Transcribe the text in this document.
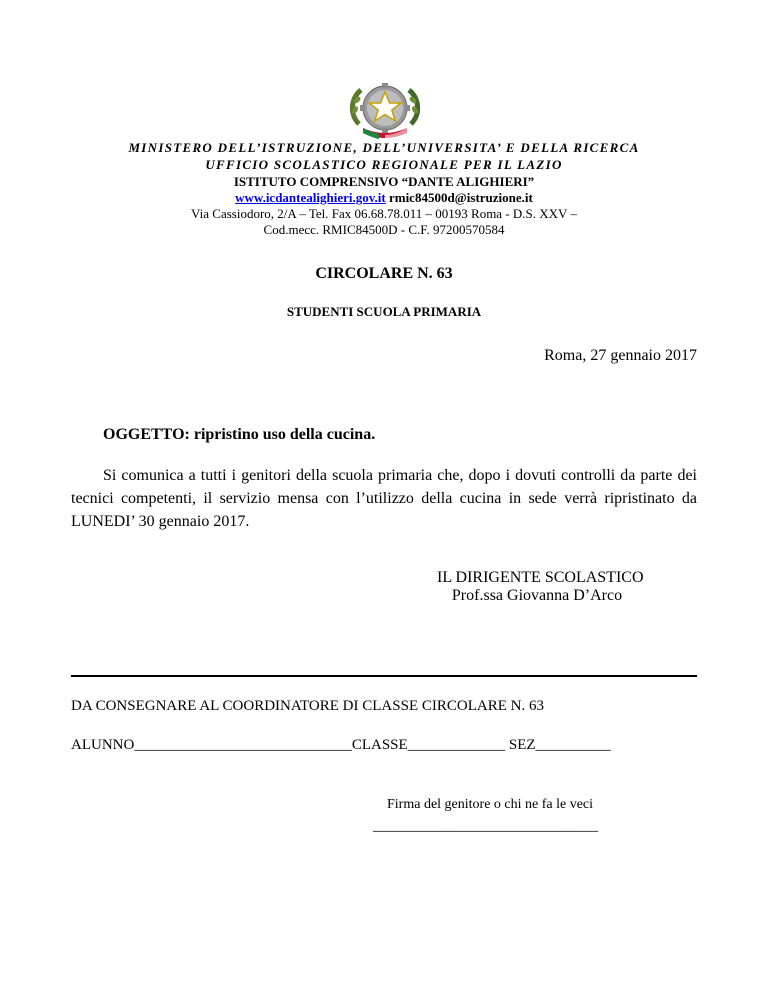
MINISTERO DELL’ISTRUZIONE, DELL’UNIVERSITA’ E DELLA RICERCA
UFFICIO SCOLASTICO REGIONALE PER IL LAZIO
ISTITUTO COMPRENSIVO “DANTE ALIGHIERI”
www.icdantealighieri.gov.it rmic84500d@istruzione.it
Via Cassiodoro, 2/A – Tel. Fax 06.68.78.011 – 00193 Roma - D.S. XXV –
Cod.mecc. RMIC84500D - C.F. 97200570584
CIRCOLARE N. 63
STUDENTI SCUOLA PRIMARIA
Roma, 27 gennaio 2017
OGGETTO: ripristino uso della cucina.
Si comunica a tutti i genitori della scuola primaria che, dopo i dovuti controlli da parte dei tecnici competenti, il servizio mensa con l’utilizzo della cucina in sede verrà ripristinato da LUNEDI’ 30 gennaio 2017.
IL DIRIGENTE SCOLASTICO
Prof.ssa Giovanna D’Arco
DA CONSEGNARE AL COORDINATORE DI CLASSE CIRCOLARE N. 63
ALUNNO_____________________________CLASSE_____________ SEZ__________
Firma del genitore o chi ne fa le veci
______________________________
